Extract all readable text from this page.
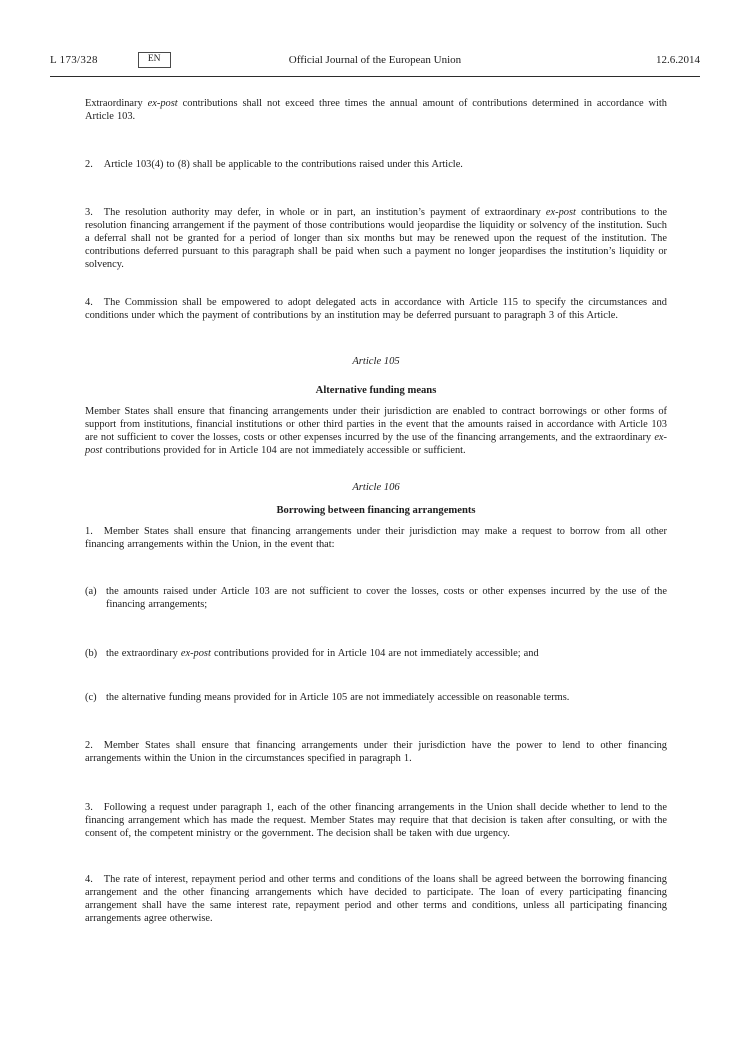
L 173/328	EN	Official Journal of the European Union	12.6.2014

Extraordinary ex-post contributions shall not exceed three times the annual amount of contributions determined in accordance with Article 103.

2. Article 103(4) to (8) shall be applicable to the contributions raised under this Article.

3. The resolution authority may defer, in whole or in part, an institution’s payment of extraordinary ex-post contributions to the resolution financing arrangement if the payment of those contributions would jeopardise the liquidity or solvency of the institution. Such a deferral shall not be granted for a period of longer than six months but may be renewed upon the request of the institution. The contributions deferred pursuant to this paragraph shall be paid when such a payment no longer jeopardises the institution’s liquidity or solvency.

4. The Commission shall be empowered to adopt delegated acts in accordance with Article 115 to specify the circumstances and conditions under which the payment of contributions by an institution may be deferred pursuant to paragraph 3 of this Article.

Article 105

Alternative funding means

Member States shall ensure that financing arrangements under their jurisdiction are enabled to contract borrowings or other forms of support from institutions, financial institutions or other third parties in the event that the amounts raised in accordance with Article 103 are not sufficient to cover the losses, costs or other expenses incurred by the use of the financing arrangements, and the extraordinary ex-post contributions provided for in Article 104 are not immediately accessible or sufficient.

Article 106

Borrowing between financing arrangements

1. Member States shall ensure that financing arrangements under their jurisdiction may make a request to borrow from all other financing arrangements within the Union, in the event that:

(a) the amounts raised under Article 103 are not sufficient to cover the losses, costs or other expenses incurred by the use of the financing arrangements;

(b) the extraordinary ex-post contributions provided for in Article 104 are not immediately accessible; and

(c) the alternative funding means provided for in Article 105 are not immediately accessible on reasonable terms.

2. Member States shall ensure that financing arrangements under their jurisdiction have the power to lend to other financing arrangements within the Union in the circumstances specified in paragraph 1.

3. Following a request under paragraph 1, each of the other financing arrangements in the Union shall decide whether to lend to the financing arrangement which has made the request. Member States may require that that decision is taken after consulting, or with the consent of, the competent ministry or the government. The decision shall be taken with due urgency.

4. The rate of interest, repayment period and other terms and conditions of the loans shall be agreed between the borrowing financing arrangement and the other financing arrangements which have decided to participate. The loan of every participating financing arrangement shall have the same interest rate, repayment period and other terms and conditions, unless all participating financing arrangements agree otherwise.
